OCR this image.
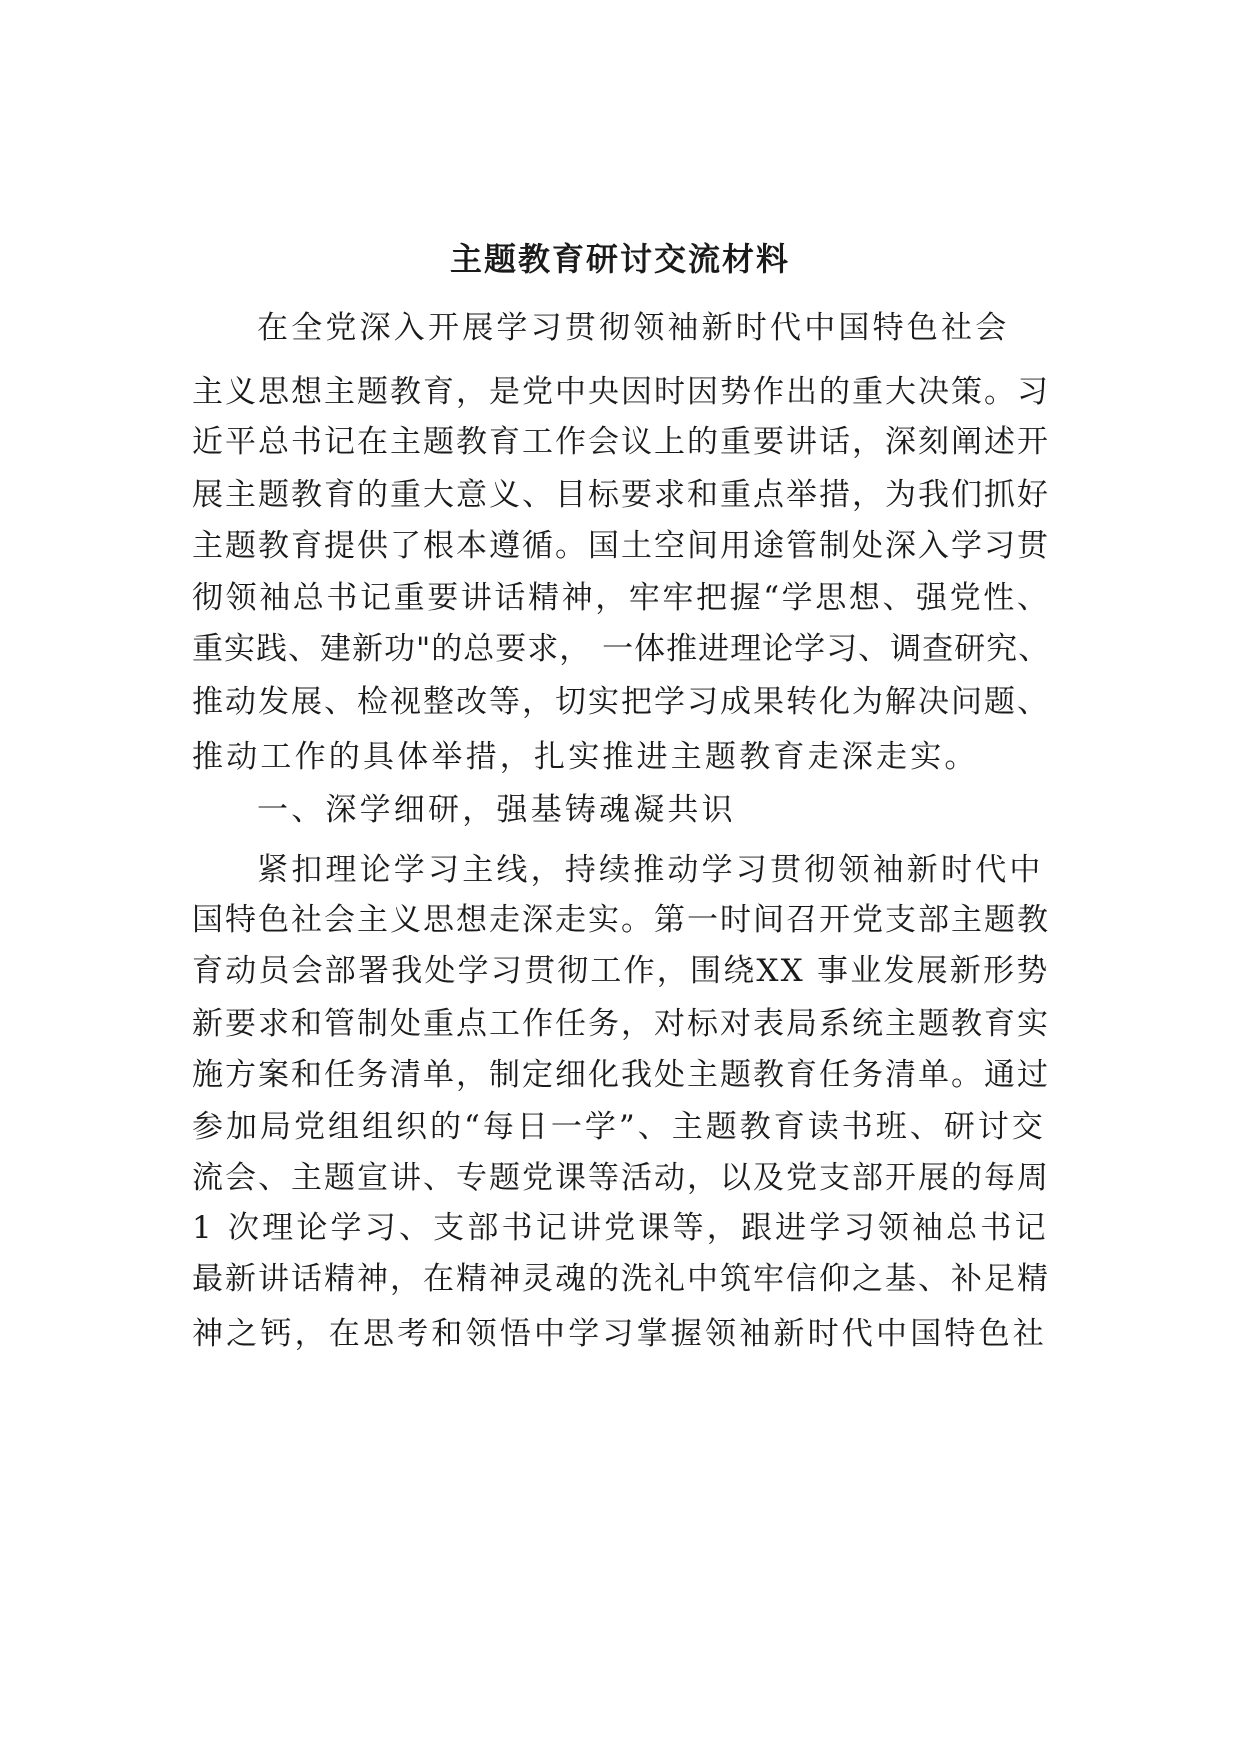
主题教育研讨交流材料
在全党深入开展学习贯彻领袖新时代中国特色社会
主义思想主题教育，是党中央因时因势作出的重大决策。习
近平总书记在主题教育工作会议上的重要讲话，深刻阐述开
展主题教育的重大意义、目标要求和重点举措，为我们抓好
主题教育提供了根本遵循。国土空间用途管制处深入学习贯
彻领袖总书记重要讲话精神，牢牢把握“学思想、强党性、
重实践、建新功"的总要求， 一体推进理论学习、调查研究、
推动发展、检视整改等，切实把学习成果转化为解决问题、
推动工作的具体举措，扎实推进主题教育走深走实。
一、深学细研，强基铸魂凝共识
紧扣理论学习主线，持续推动学习贯彻领袖新时代中
国特色社会主义思想走深走实。第一时间召开党支部主题教
育动员会部署我处学习贯彻工作，围绕XX 事业发展新形势
新要求和管制处重点工作任务，对标对表局系统主题教育实
施方案和任务清单，制定细化我处主题教育任务清单。通过
参加局党组组织的“每日一学”、主题教育读书班、研讨交
流会、主题宣讲、专题党课等活动，以及党支部开展的每周
1 次理论学习、支部书记讲党课等，跟进学习领袖总书记
最新讲话精神，在精神灵魂的洗礼中筑牢信仰之基、补足精
神之钙，在思考和领悟中学习掌握领袖新时代中国特色社
